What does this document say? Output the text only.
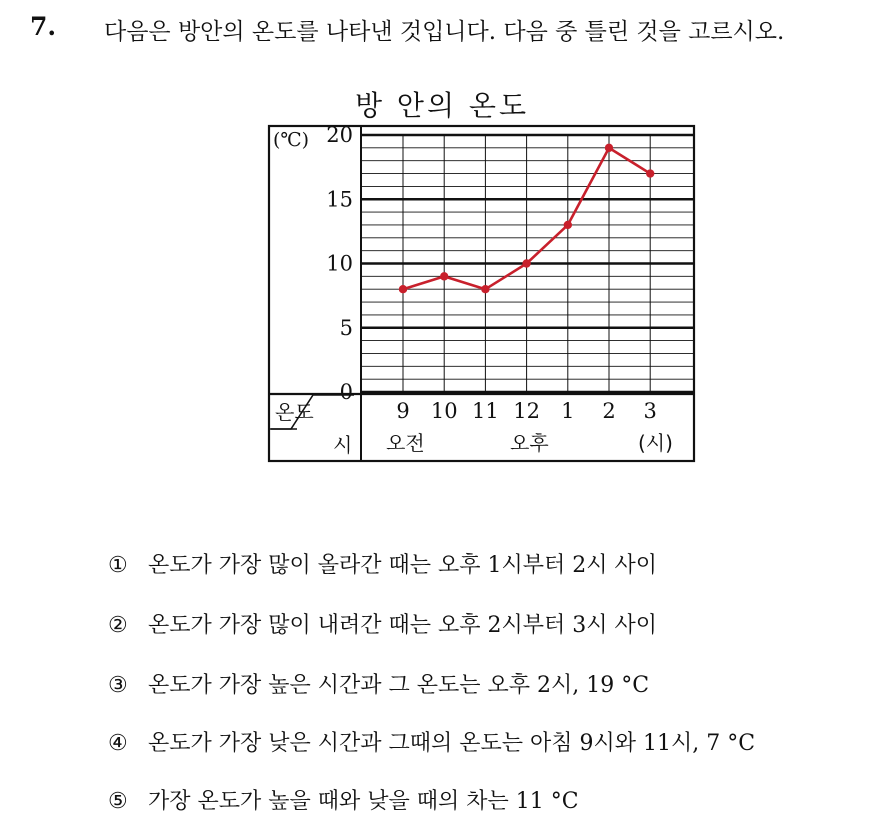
7. 다음은 방안의 온도를 나타낸 것입니다. 다음 중 틀린 것을 고르시오.
방 안의 온도
(℃) 20
15
10
5
0
9 10 11 12 1 2 3
온도
시 오전	오후	(시)
① 온도가 가장 많이 올라간 때는 오후 1시부터 2시 사이
② 온도가 가장 많이 내려간 때는 오후 2시부터 3시 사이
③ 온도가 가장 높은 시간과 그 온도는 오후 2시, 19 °C
④ 온도가 가장 낮은 시간과 그때의 온도는 아침 9시와 11시, 7 °C
⑤ 가장 온도가 높을 때와 낮을 때의 차는 11 °C
